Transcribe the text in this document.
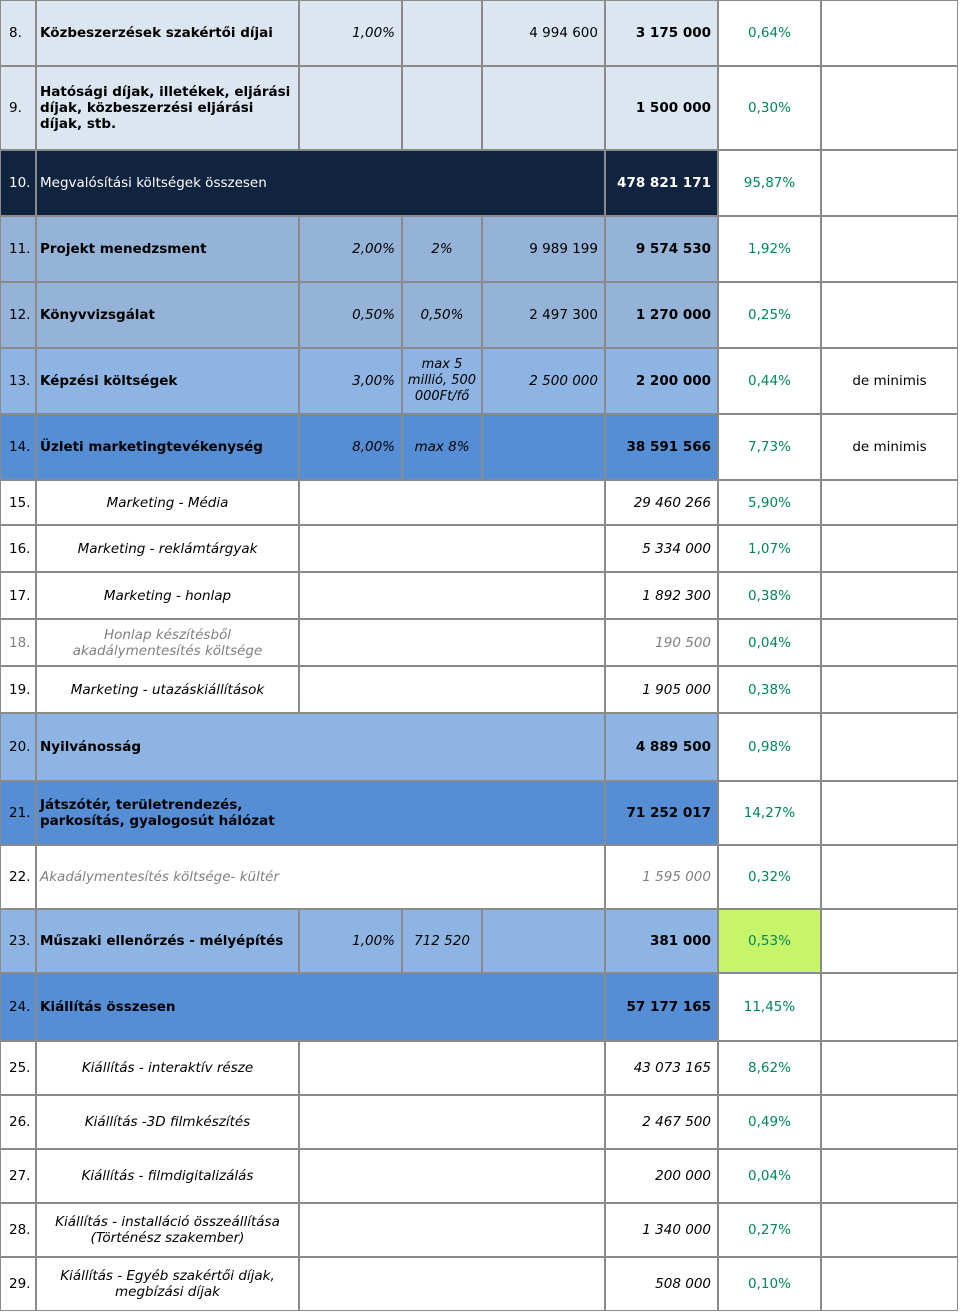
8.	Közbeszerzések szakértői díjai	1,00%		4 994 600	3 175 000	0,64%	
9.	Hatósági díjak, illetékek, eljárási díjak, közbeszerzési eljárási díjak, stb.				1 500 000	0,30%	
10.	Megvalósítási költségek összesen				478 821 171	95,87%	
11.	Projekt menedzsment	2,00%	2%	9 989 199	9 574 530	1,92%	
12.	Könyvvizsgálat	0,50%	0,50%	2 497 300	1 270 000	0,25%	
13.	Képzési költségek	3,00%	max 5 millió, 500 000Ft/fő	2 500 000	2 200 000	0,44%	de minimis
14.	Üzleti marketingtevékenység	8,00%	max 8%		38 591 566	7,73%	de minimis
15.	Marketing - Média				29 460 266	5,90%	
16.	Marketing - reklámtárgyak				5 334 000	1,07%	
17.	Marketing - honlap				1 892 300	0,38%	
18.	Honlap készítésből akadálymentesítés költsége				190 500	0,04%	
19.	Marketing - utazáskiállítások				1 905 000	0,38%	
20.	Nyilvánosság				4 889 500	0,98%	
21.	Játszótér, területrendezés, parkosítás, gyalogosút hálózat				71 252 017	14,27%	
22.	Akadálymentesítés költsége- kültér				1 595 000	0,32%	
23.	Műszaki ellenőrzés - mélyépítés	1,00%	712 520		381 000	0,53%	
24.	Kiállítás összesen				57 177 165	11,45%	
25.	Kiállítás - interaktív része				43 073 165	8,62%	
26.	Kiállítás -3D filmkészítés				2 467 500	0,49%	
27.	Kiállítás - filmdigitalizálás				200 000	0,04%	
28.	Kiállítás - installáció összeállítása (Történész szakember)				1 340 000	0,27%	
29.	Kiállítás - Egyéb szakértői díjak, megbízási díjak				508 000	0,10%	
